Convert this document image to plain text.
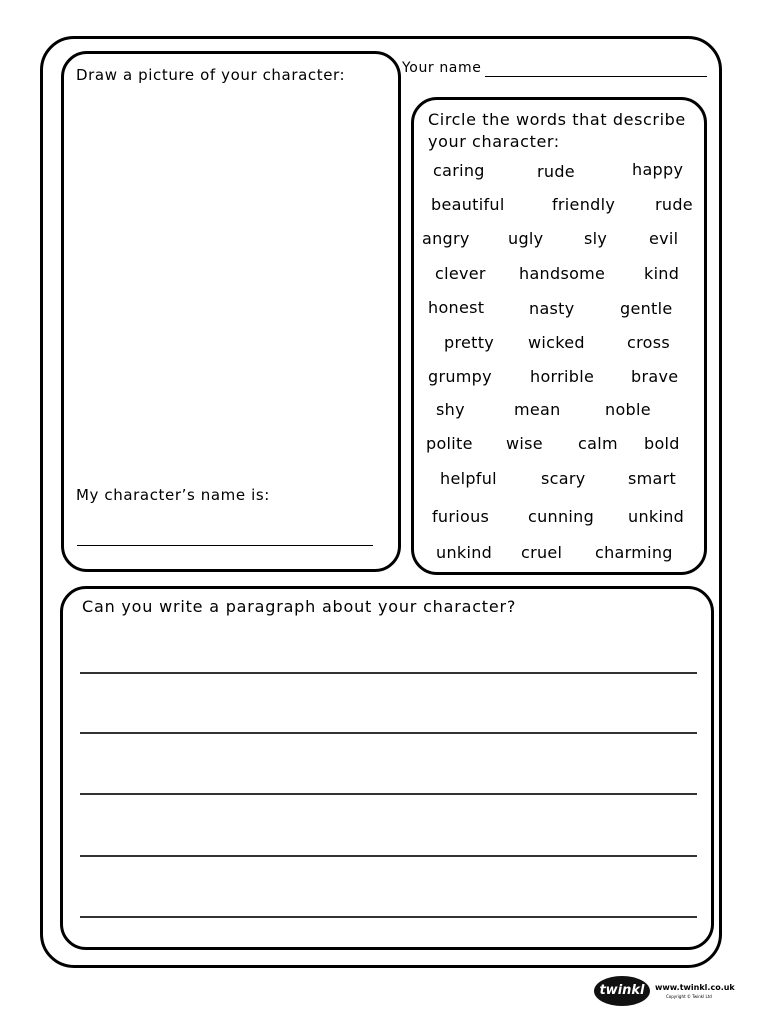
Draw a picture of your character:
My character’s name is:
Your name
Circle the words that describe your character:
caring	rude	happy
beautiful	friendly rude
angry ugly	sly	evil
clever handsome kind
honest	nasty	gentle
pretty wicked	cross
grumpy horrible brave
shy	mean	noble
polite wise calm bold
helpful	scary	smart
furious cunning unkind
unkind cruel charming
Can you write a paragraph about your character?
twinkl	www.twinkl.co.uk
Copyright © Twinkl Ltd
